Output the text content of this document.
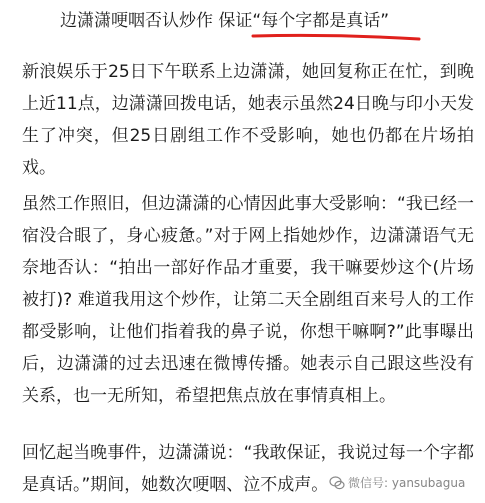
边潇潇哽咽否认炒作 保证“每个字都是真话”
新浪娱乐于25日下午联系上边潇潇，她回复称正在忙，到晚上近11点，边潇潇回拨电话，她表示虽然24日晚与印小天发生了冲突，但25日剧组工作不受影响，她也仍都在片场拍戏。
虽然工作照旧，但边潇潇的心情因此事大受影响：“我已经一宿没合眼了，身心疲惫。”对于网上指她炒作，边潇潇语气无奈地否认：“拍出一部好作品才重要，我干嘛要炒这个(片场被打)? 难道我用这个炒作，让第二天全剧组百来号人的工作都受影响，让他们指着我的鼻子说，你想干嘛啊?”此事曝出后，边潇潇的过去迅速在微博传播。她表示自己跟这些没有关系，也一无所知，希望把焦点放在事情真相上。
回忆起当晚事件，边潇潇说：“我敢保证，我说过每一个字都是真话。”期间，她数次哽咽、泣不成声。	微信号: yansubagua
